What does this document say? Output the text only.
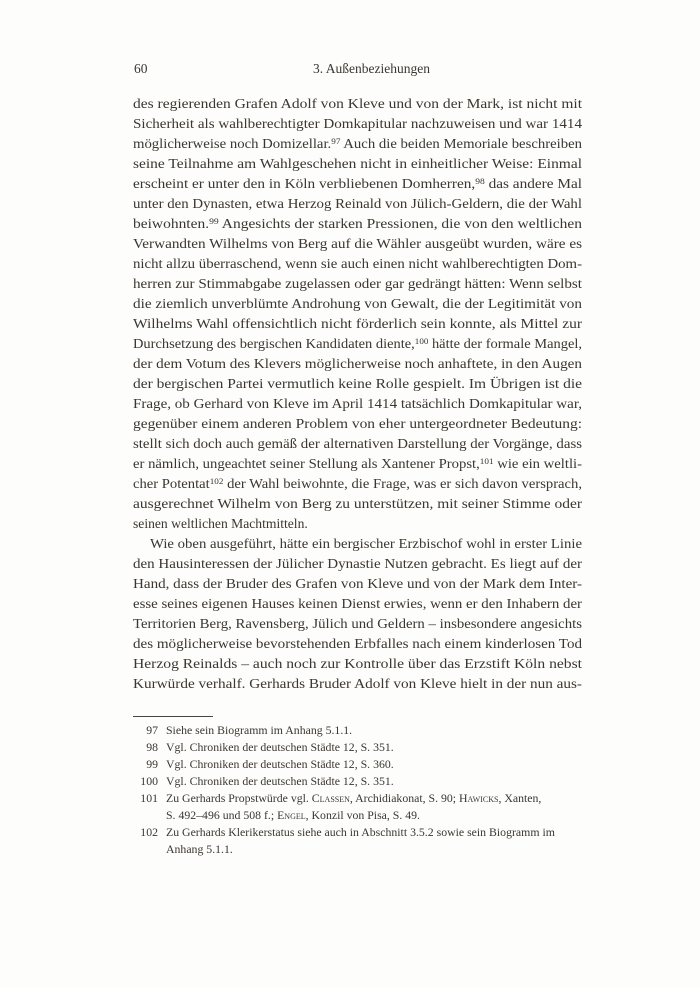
60	3. Außenbeziehungen
des regierenden Grafen Adolf von Kleve und von der Mark, ist nicht mit
Sicherheit als wahlberechtigter Domkapitular nachzuweisen und war 1414
möglicherweise noch Domizellar.$^{97}$ Auch die beiden Memoriale beschreiben
seine Teilnahme am Wahlgeschehen nicht in einheitlicher Weise: Einmal
erscheint er unter den in Köln verbliebenen Domherren,$^{98}$ das andere Mal
unter den Dynasten, etwa Herzog Reinald von Jülich-Geldern, die der Wahl
beiwohnten.$^{99}$ Angesichts der starken Pressionen, die von den weltlichen
Verwandten Wilhelms von Berg auf die Wähler ausgeübt wurden, wäre es
nicht allzu überraschend, wenn sie auch einen nicht wahlberechtigten Dom-
herren zur Stimmabgabe zugelassen oder gar gedrängt hätten: Wenn selbst
die ziemlich unverblümte Androhung von Gewalt, die der Legitimität von
Wilhelms Wahl offensichtlich nicht förderlich sein konnte, als Mittel zur
Durchsetzung des bergischen Kandidaten diente,$^{100}$ hätte der formale Mangel,
der dem Votum des Klevers möglicherweise noch anhaftete, in den Augen
der bergischen Partei vermutlich keine Rolle gespielt. Im Übrigen ist die
Frage, ob Gerhard von Kleve im April 1414 tatsächlich Domkapitular war,
gegenüber einem anderen Problem von eher untergeordneter Bedeutung:
stellt sich doch auch gemäß der alternativen Darstellung der Vorgänge, dass
er nämlich, ungeachtet seiner Stellung als Xantener Propst,$^{101}$ wie ein weltli-
cher Potentat$^{102}$ der Wahl beiwohnte, die Frage, was er sich davon versprach,
ausgerechnet Wilhelm von Berg zu unterstützen, mit seiner Stimme oder
seinen weltlichen Machtmitteln.
Wie oben ausgeführt, hätte ein bergischer Erzbischof wohl in erster Linie
den Hausinteressen der Jülicher Dynastie Nutzen gebracht. Es liegt auf der
Hand, dass der Bruder des Grafen von Kleve und von der Mark dem Inter-
esse seines eigenen Hauses keinen Dienst erwies, wenn er den Inhabern der
Territorien Berg, Ravensberg, Jülich und Geldern – insbesondere angesichts
des möglicherweise bevorstehenden Erbfalles nach einem kinderlosen Tod
Herzog Reinalds – auch noch zur Kontrolle über das Erzstift Köln nebst
Kurwürde verhalf. Gerhards Bruder Adolf von Kleve hielt in der nun aus-
97 Siehe sein Biogramm im Anhang 5.1.1.
98 Vgl. Chroniken der deutschen Städte 12, S. 351.
99 Vgl. Chroniken der deutschen Städte 12, S. 360.
100 Vgl. Chroniken der deutschen Städte 12, S. 351.
101 Zu Gerhards Propstwürde vgl. Classen, Archidiakonat, S. 90; Hawicks, Xanten,
S. 492–496 und 508 f.; Engel, Konzil von Pisa, S. 49.
102 Zu Gerhards Klerikerstatus siehe auch in Abschnitt 3.5.2 sowie sein Biogramm im
Anhang 5.1.1.
